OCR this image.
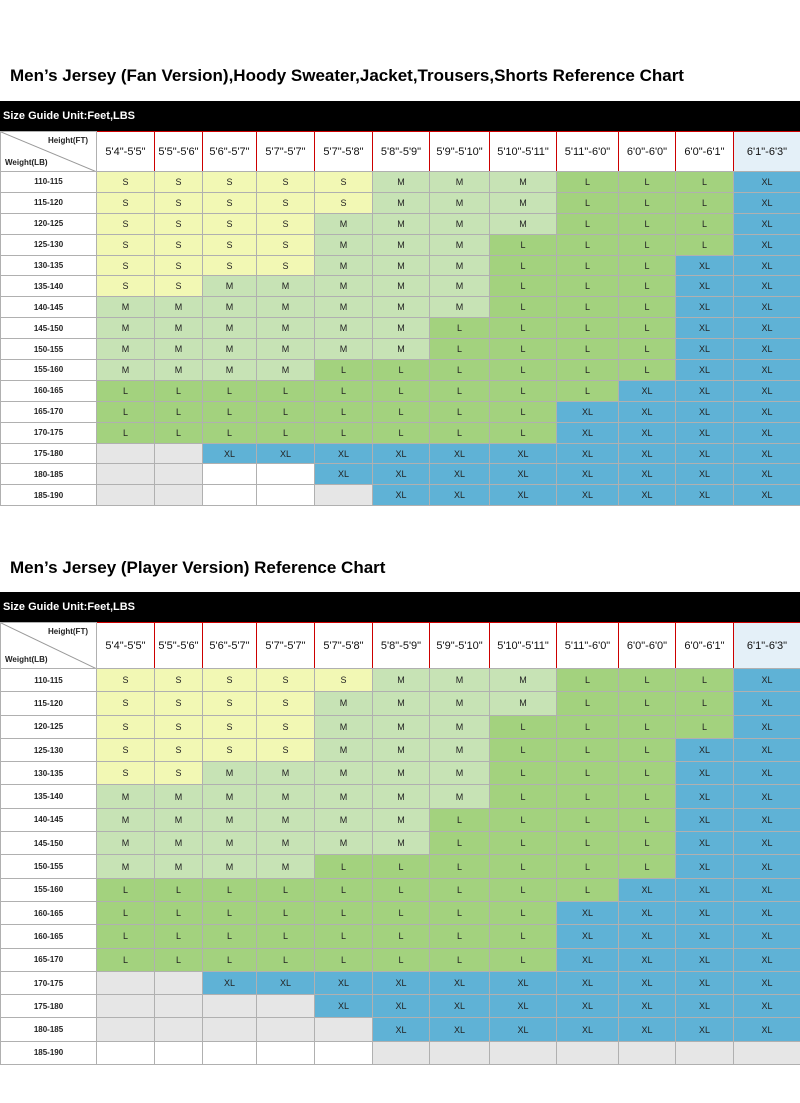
Men’s Jersey (Fan Version),Hoody Sweater,Jacket,Trousers,Shorts Reference Chart
Size Guide Unit:Feet,LBS
Height(FT)
Weight(LB)	5'4"-5'5"	5'5"-5'6"	5'6"-5'7"	5'7"-5'7"	5'7"-5'8"	5'8"-5'9"	5'9"-5'10"	5'10"-5'11"	5'11"-6'0"	6'0"-6'0"	6'0"-6'1"	6'1"-6'3"
110-115	S	S	S	S	S	M	M	M	L	L	L	XL
115-120	S	S	S	S	S	M	M	M	L	L	L	XL
120-125	S	S	S	S	M	M	M	M	L	L	L	XL
125-130	S	S	S	S	M	M	M	L	L	L	L	XL
130-135	S	S	S	S	M	M	M	L	L	L	XL	XL
135-140	S	S	M	M	M	M	M	L	L	L	XL	XL
140-145	M	M	M	M	M	M	M	L	L	L	XL	XL
145-150	M	M	M	M	M	M	L	L	L	L	XL	XL
150-155	M	M	M	M	M	M	L	L	L	L	XL	XL
155-160	M	M	M	M	L	L	L	L	L	L	XL	XL
160-165	L	L	L	L	L	L	L	L	L	XL	XL	XL
165-170	L	L	L	L	L	L	L	L	XL	XL	XL	XL
170-175	L	L	L	L	L	L	L	L	XL	XL	XL	XL
175-180			XL	XL	XL	XL	XL	XL	XL	XL	XL	XL
180-185					XL	XL	XL	XL	XL	XL	XL	XL
185-190						XL	XL	XL	XL	XL	XL	XL
Men’s Jersey (Player Version) Reference Chart
Size Guide Unit:Feet,LBS
Height(FT)
Weight(LB)	5'4"-5'5"	5'5"-5'6"	5'6"-5'7"	5'7"-5'7"	5'7"-5'8"	5'8"-5'9"	5'9"-5'10"	5'10"-5'11"	5'11"-6'0"	6'0"-6'0"	6'0"-6'1"	6'1"-6'3"
110-115	S	S	S	S	S	M	M	M	L	L	L	XL
115-120	S	S	S	S	M	M	M	M	L	L	L	XL
120-125	S	S	S	S	M	M	M	L	L	L	L	XL
125-130	S	S	S	S	M	M	M	L	L	L	XL	XL
130-135	S	S	M	M	M	M	M	L	L	L	XL	XL
135-140	M	M	M	M	M	M	M	L	L	L	XL	XL
140-145	M	M	M	M	M	M	L	L	L	L	XL	XL
145-150	M	M	M	M	M	M	L	L	L	L	XL	XL
150-155	M	M	M	M	L	L	L	L	L	L	XL	XL
155-160	L	L	L	L	L	L	L	L	L	XL	XL	XL
160-165	L	L	L	L	L	L	L	L	XL	XL	XL	XL
160-165	L	L	L	L	L	L	L	L	XL	XL	XL	XL
165-170	L	L	L	L	L	L	L	L	XL	XL	XL	XL
170-175			XL	XL	XL	XL	XL	XL	XL	XL	XL	XL
175-180					XL	XL	XL	XL	XL	XL	XL	XL
180-185						XL	XL	XL	XL	XL	XL	XL
185-190												
